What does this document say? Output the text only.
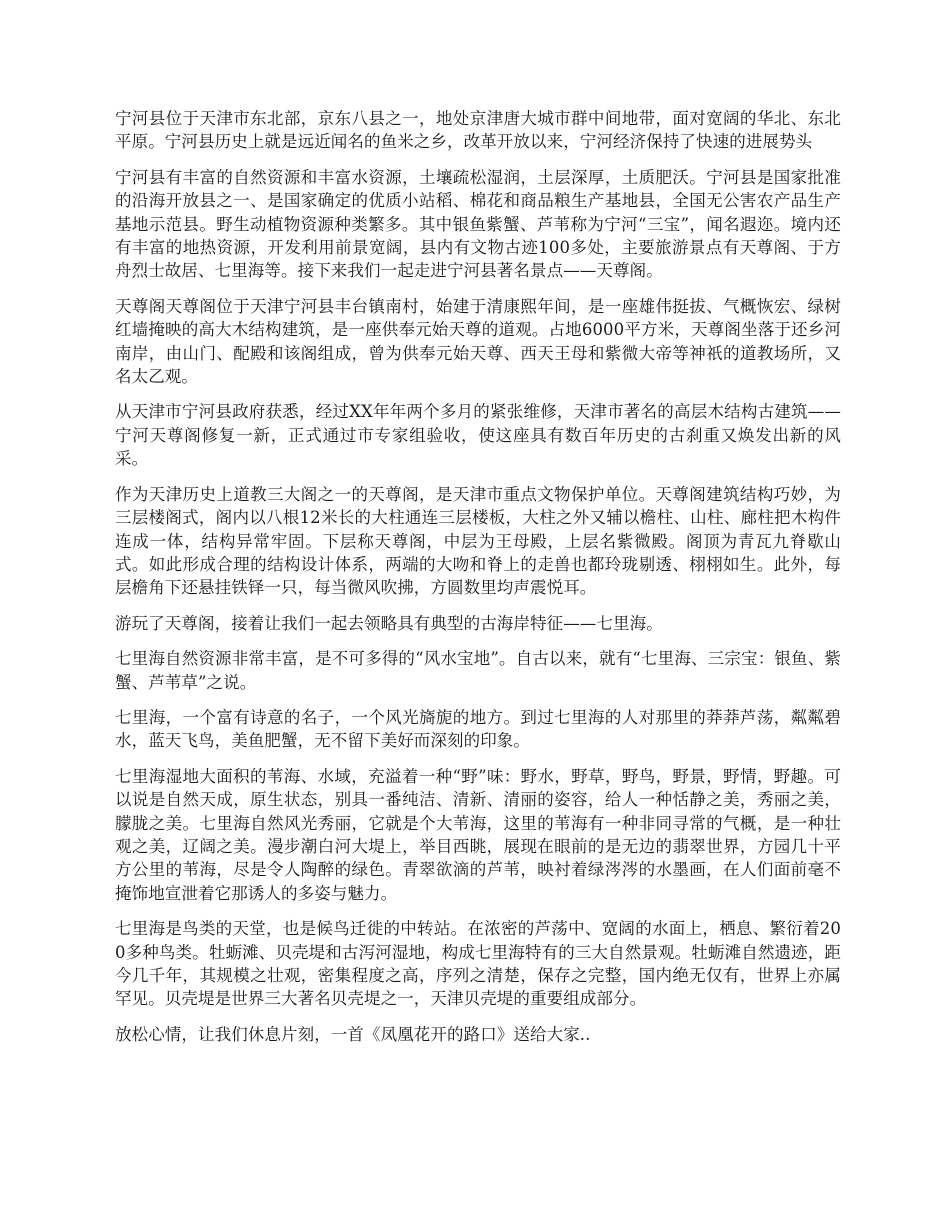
宁河县位于天津市东北部，京东八县之一，地处京津唐大城市群中间地带，面对宽阔的华北、东北平原。宁河县历史上就是远近闻名的鱼米之乡，改革开放以来，宁河经济保持了快速的进展势头

宁河县有丰富的自然资源和丰富水资源，土壤疏松湿润，土层深厚，土质肥沃。宁河县是国家批准的沿海开放县之一、是国家确定的优质小站稻、棉花和商品粮生产基地县，全国无公害农产品生产基地示范县。野生动植物资源种类繁多。其中银鱼紫蟹、芦苇称为宁河“三宝”，闻名遐迩。境内还有丰富的地热资源，开发利用前景宽阔，县内有文物古迹100多处，主要旅游景点有天尊阁、于方舟烈士故居、七里海等。接下来我们一起走进宁河县著名景点——天尊阁。

天尊阁天尊阁位于天津宁河县丰台镇南村，始建于清康熙年间，是一座雄伟挺拔、气概恢宏、绿树红墙掩映的高大木结构建筑，是一座供奉元始天尊的道观。占地6000平方米，天尊阁坐落于还乡河南岸，由山门、配殿和该阁组成，曾为供奉元始天尊、西天王母和紫微大帝等神祇的道教场所，又名太乙观。

从天津市宁河县政府获悉，经过XX年年两个多月的紧张维修，天津市著名的高层木结构古建筑——宁河天尊阁修复一新，正式通过市专家组验收，使这座具有数百年历史的古刹重又焕发出新的风采。

作为天津历史上道教三大阁之一的天尊阁，是天津市重点文物保护单位。天尊阁建筑结构巧妙，为三层楼阁式，阁内以八根12米长的大柱通连三层楼板，大柱之外又辅以檐柱、山柱、廊柱把木构件连成一体，结构异常牢固。下层称天尊阁，中层为王母殿，上层名紫微殿。阁顶为青瓦九脊歇山式。如此形成合理的结构设计体系，两端的大吻和脊上的走兽也都玲珑剔透、栩栩如生。此外，每层檐角下还悬挂铁铎一只，每当微风吹拂，方圆数里均声震悦耳。

游玩了天尊阁，接着让我们一起去领略具有典型的古海岸特征——七里海。

七里海自然资源非常丰富，是不可多得的“风水宝地”。自古以来，就有“七里海、三宗宝：银鱼、紫蟹、芦苇草”之说。

七里海，一个富有诗意的名子，一个风光旖旎的地方。到过七里海的人对那里的莽莽芦荡，粼粼碧水，蓝天飞鸟，美鱼肥蟹，无不留下美好而深刻的印象。

七里海湿地大面积的苇海、水域，充溢着一种“野”味：野水，野草，野鸟，野景，野情，野趣。可以说是自然天成，原生状态，别具一番纯洁、清新、清丽的姿容，给人一种恬静之美，秀丽之美，朦胧之美。七里海自然风光秀丽，它就是个大苇海，这里的苇海有一种非同寻常的气概，是一种壮观之美，辽阔之美。漫步潮白河大堤上，举目西眺，展现在眼前的是无边的翡翠世界，方园几十平方公里的苇海，尽是令人陶醉的绿色。青翠欲滴的芦苇，映衬着绿涔涔的水墨画，在人们面前毫不掩饰地宣泄着它那诱人的多姿与魅力。

七里海是鸟类的天堂，也是候鸟迁徙的中转站。在浓密的芦荡中、宽阔的水面上，栖息、繁衍着200多种鸟类。牡蛎滩、贝壳堤和古泻河湿地，构成七里海特有的三大自然景观。牡蛎滩自然遗迹，距今几千年，其规模之壮观，密集程度之高，序列之清楚，保存之完整，国内绝无仅有，世界上亦属罕见。贝壳堤是世界三大著名贝壳堤之一，天津贝壳堤的重要组成部分。

放松心情，让我们休息片刻，一首《凤凰花开的路口》送给大家..
